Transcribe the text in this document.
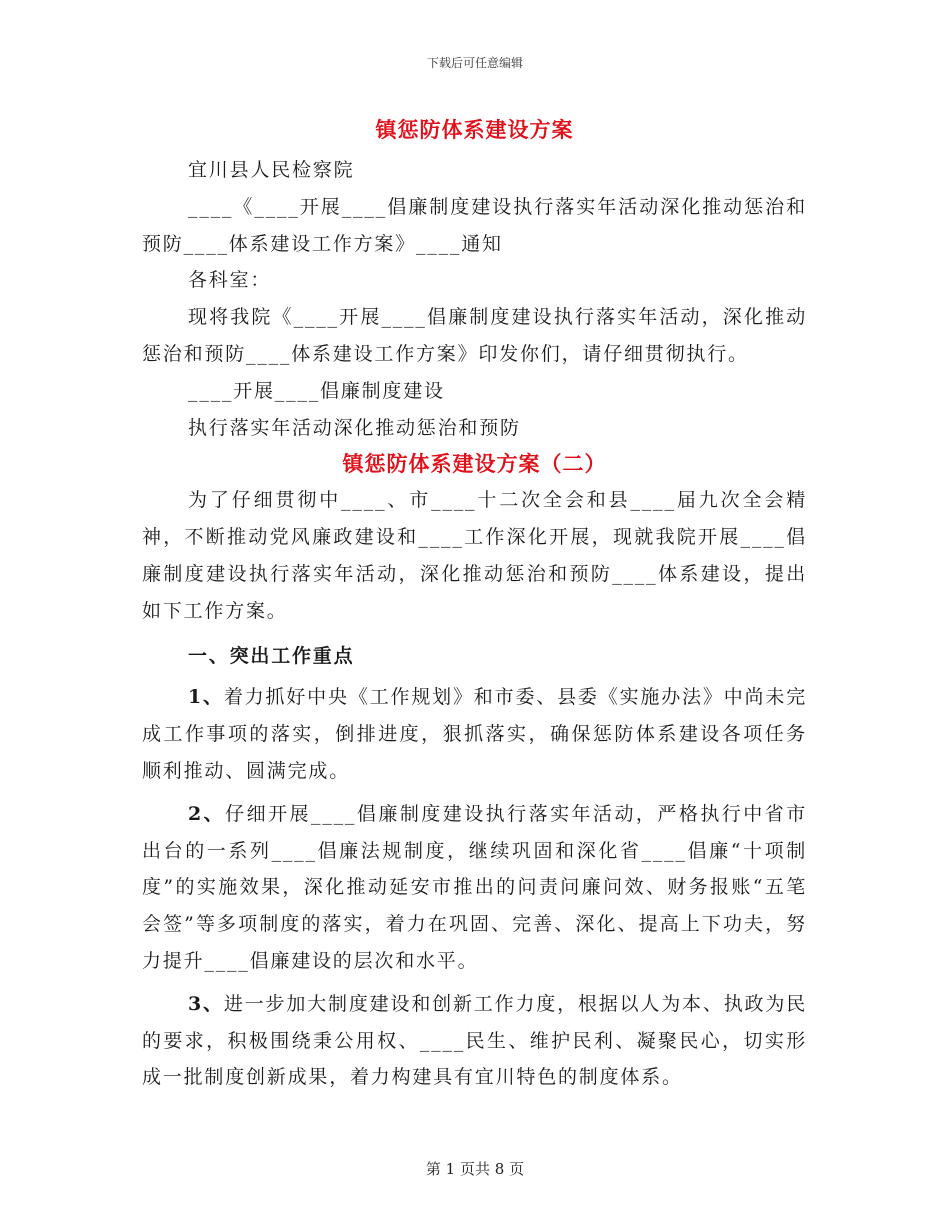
下载后可任意编辑
镇惩防体系建设方案

宜川县人民检察院

____《____开展____倡廉制度建设执行落实年活动深化推动惩治和预防____体系建设工作方案》____通知

各科室：

现将我院《____开展____倡廉制度建设执行落实年活动，深化推动惩治和预防____体系建设工作方案》印发你们，请仔细贯彻执行。

____开展____倡廉制度建设

执行落实年活动深化推动惩治和预防

镇惩防体系建设方案（二）

为了仔细贯彻中____、市____十二次全会和县____届九次全会精神，不断推动党风廉政建设和____工作深化开展，现就我院开展____倡廉制度建设执行落实年活动，深化推动惩治和预防____体系建设，提出如下工作方案。

一、突出工作重点

1、着力抓好中央《工作规划》和市委、县委《实施办法》中尚未完成工作事项的落实，倒排进度，狠抓落实，确保惩防体系建设各项任务顺利推动、圆满完成。

2、仔细开展____倡廉制度建设执行落实年活动，严格执行中省市出台的一系列____倡廉法规制度，继续巩固和深化省____倡廉“十项制度”的实施效果，深化推动延安市推出的问责问廉问效、财务报账“五笔会签”等多项制度的落实，着力在巩固、完善、深化、提高上下功夫，努力提升____倡廉建设的层次和水平。

3、进一步加大制度建设和创新工作力度，根据以人为本、执政为民的要求，积极围绕秉公用权、____民生、维护民利、凝聚民心，切实形成一批制度创新成果，着力构建具有宜川特色的制度体系。

第 1 页共 8 页
